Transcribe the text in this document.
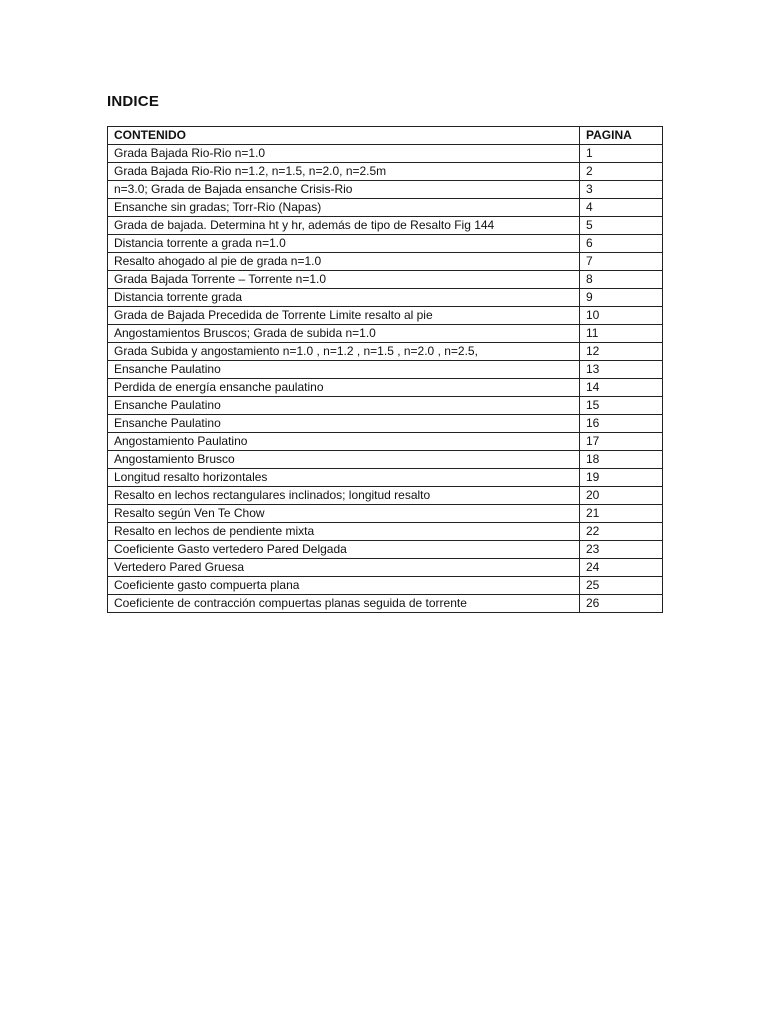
INDICE
CONTENIDO	PAGINA
Grada Bajada Rio-Rio n=1.0	1
Grada Bajada Rio-Rio n=1.2, n=1.5, n=2.0, n=2.5m	2
n=3.0; Grada de Bajada ensanche Crisis-Rio	3
Ensanche sin gradas; Torr-Rio (Napas)	4
Grada de bajada. Determina ht y hr, además de tipo de Resalto Fig 144	5
Distancia torrente a grada n=1.0	6
Resalto ahogado al pie de grada n=1.0	7
Grada Bajada Torrente – Torrente n=1.0	8
Distancia torrente grada	9
Grada de Bajada Precedida de Torrente Limite resalto al pie	10
Angostamientos Bruscos; Grada de subida n=1.0	11
Grada Subida y angostamiento n=1.0 , n=1.2 , n=1.5 , n=2.0 , n=2.5,	12
Ensanche Paulatino	13
Perdida de energía ensanche paulatino	14
Ensanche Paulatino	15
Ensanche Paulatino	16
Angostamiento Paulatino	17
Angostamiento Brusco	18
Longitud resalto horizontales	19
Resalto en lechos rectangulares inclinados; longitud resalto	20
Resalto según Ven Te Chow	21
Resalto en lechos de pendiente mixta	22
Coeficiente Gasto vertedero Pared Delgada	23
Vertedero Pared Gruesa	24
Coeficiente gasto compuerta plana	25
Coeficiente de contracción compuertas planas seguida de torrente	26
